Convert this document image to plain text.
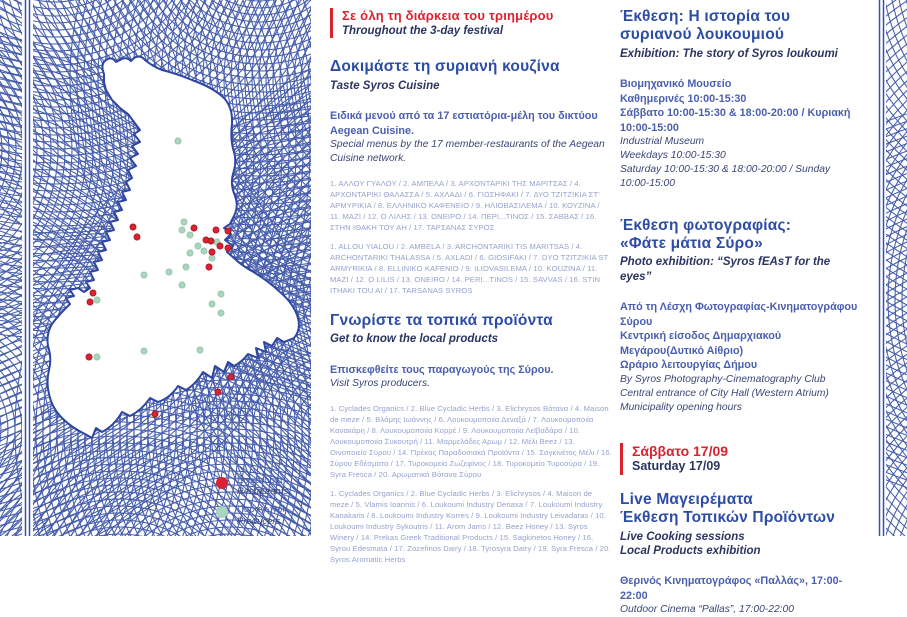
Εστιατόρια
Restaurants
Παραγωγοί
Producers
Σε όλη τη διάρκεια του τριημέρου
Throughout the 3-day festival
Δοκιμάστε τη συριανή κουζίνα
Taste Syros Cuisine
Ειδικά μενού από τα 17 εστιατόρια-μέλη του δικτύου Aegean Cuisine.
Special menus by the 17 member-restaurants of the Aegean Cuisine network.
1. ΑΛΛΟΥ ΓΥΑΛΟΥ / 2. ΑΜΠΕΛΑ / 3. ΑΡΧΟΝΤΑΡΙΚΙ ΤΗΣ ΜΑΡΙΤΣΑΣ / 4. ΑΡΧΟΝΤΑΡΙΚΙ ΘΑΛΑΣΣΑ / 5. ΑΧΛΑΔΙ / 6. ΓΙΩΣΗΦΑΚΙ / 7. ΔΥΟ ΤΖΙΤΖΙΚΙΑ ΣΤ' ΑΡΜΥΡΙΚΙΑ / 8. ΕΛΛΗΝΙΚΟ ΚΑΦΕΝΕΙΟ / 9. ΗΛΙΟΒΑΣΙΛΕΜΑ / 10. ΚΟΥΖΙΝΑ / 11. ΜΑΖΙ / 12. Ο ΛΙΛΗΣ / 13. ΟΝΕΙΡΟ / 14. ΠΕΡΙ...ΤΙΝΟΣ / 15. ΣΑΒΒΑΣ / 16. ΣΤΗΝ ΙΘΑΚΗ ΤΟΥ ΑΗ / 17. ΤΑΡΣΑΝΑΣ ΣΥΡΟΣ
1. ALLOU YIALOU / 2. AMBELA / 3. ARCHONTARIKI TIS MARITSAS / 4. ARCHONTARIKI THALASSA / 5. AXLADI / 6. GIOSIFAKI / 7. DYO TZITZIKIA ST ARMYRIKIA / 8. ELLINIKO KAFENIO / 9. ILIOVASILEMA / 10. KOUZINA / 11. MAZI / 12. O LILIS / 13. ONEIRO / 14. PERI...TINOS / 15. SAVVAS / 16. STIN ITHAKI TOU AI / 17. TARSANAS SYROS
Γνωρίστε τα τοπικά προϊόντα
Get to know the local products
Επισκεφθείτε τους παραγωγούς της Σύρου.
Visit Syros producers.
1. Cyclades Organics / 2. Blue Cycladic Herbs / 3. Elichrysos Βότανα / 4. Maison de meze / 5. Βλάμης Ιωάννης / 6. Λουκουμοποιία Δεναξά / 7. Λουκουμοποιία Κανακάρη / 8. Λουκουμοποιία Κορρέ / 9. Λουκουμοποιία Λεϊβαδάρα / 10. Λουκουμοποιία Συκουτρή / 11. Μαρμελάδες Αρωμ / 12. Μέλι Beez / 13. Οινοποιείο Σύρου / 14. Πρέκας Παραδοσιακά Προϊόντα / 15. Σαγκινέτος Μέλι / 16. Σύρου Εδέσματα / 17. Τυροκομείο Ζωζεφίνος / 18. Τυροκομείο Τυροσύρα / 19. Syra Fresca / 20. Αρωματικά Βότανα Σύρου
1. Cyclades Organics / 2. Blue Cycladic Herbs / 3. Elichrysos / 4. Maison de meze / 5. Vlamis Ioannis / 6. Loukoumi Industry Denaxa / 7. Loukoumi Industry Kanakaris / 8. Loukoumi Industry Korres / 9. Loukoumi Industry Leivadaras / 10. Loukoumi Industry Sykoutris / 11. Arom Jams / 12. Beez Honey / 13. Syros Winery / 14. Prekas Greek Traditional Products / 15. Sagkinetos Honey / 16. Syrou Edesmata / 17. Zozefinos Dairy / 18. Tyrosyra Dairy / 19. Syra Fresca / 20. Syros Aromatic Herbs
Έκθεση: Η ιστορία του συριανού λουκουμιού
Exhibition: The story of Syros loukoumi
Βιομηχανικό Μουσείο
Καθημερινές 10:00-15:30
Σάββατο 10:00-15:30 & 18:00-20:00 / Κυριακή 10:00-15:00
Industrial Museum
Weekdays 10:00-15:30
Saturday 10:00-15:30 & 18:00-20:00 / Sunday 10:00-15:00
Έκθεση φωτογραφίας:
«Φάτε μάτια Σύρο»
Photo exhibition: “Syros fEAsT for the eyes”
Από τη Λέσχη Φωτογραφίας-Κινηματογράφου Σύρου
Κεντρική είσοδος Δημαρχιακού Μεγάρου(Δυτικό Αίθριο)
Ωράριο λειτουργίας Δήμου
By Syros Photography-Cinematography Club
Central entrance of City Hall (Western Atrium)
Municipality opening hours
Σάββατο 17/09
Saturday 17/09
Live Μαγειρέματα
Έκθεση Τοπικών Προϊόντων
Live Cooking sessions
Local Products exhibition
Θερινός Κινηματογράφος «Παλλάς», 17:00-22:00
Outdoor Cinema “Pallas”, 17:00-22:00
